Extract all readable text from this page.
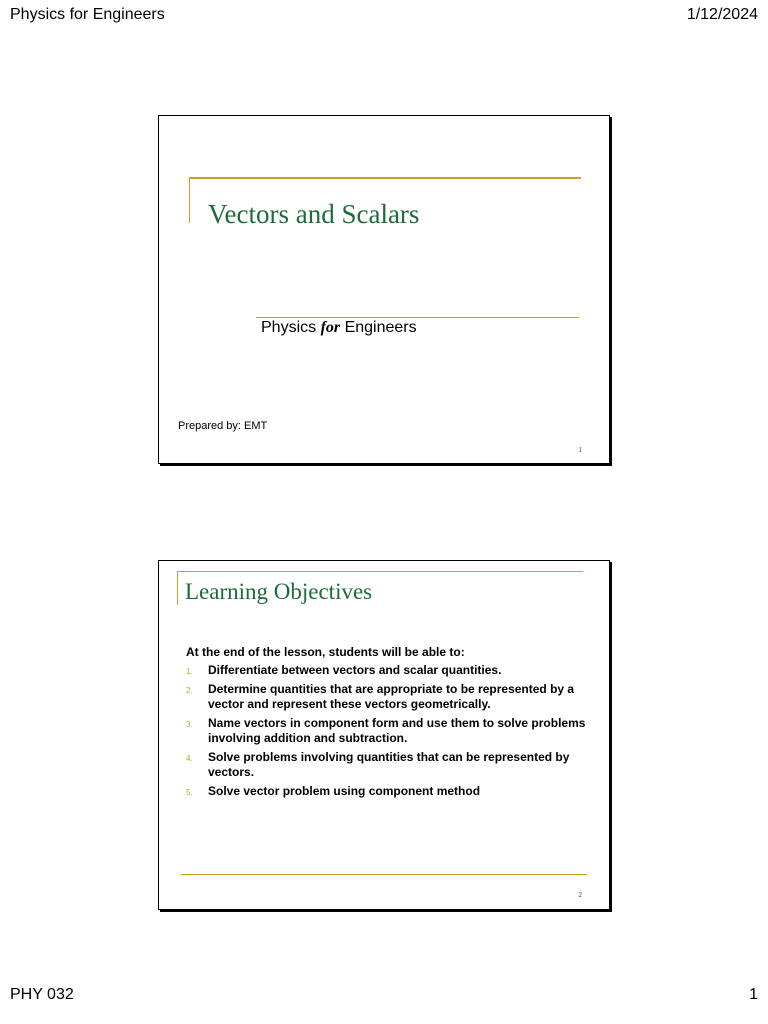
Physics for Engineers	1/12/2024
Vectors and Scalars
Physics for Engineers
Prepared by: EMT
1
Learning Objectives
At the end of the lesson, students will be able to:
1. Differentiate between vectors and scalar quantities.
2. Determine quantities that are appropriate to be represented by a vector and represent these vectors geometrically.
3. Name vectors in component form and use them to solve problems involving addition and subtraction.
4. Solve problems involving quantities that can be represented by vectors.
5. Solve vector problem using component method
2
PHY 032	1
